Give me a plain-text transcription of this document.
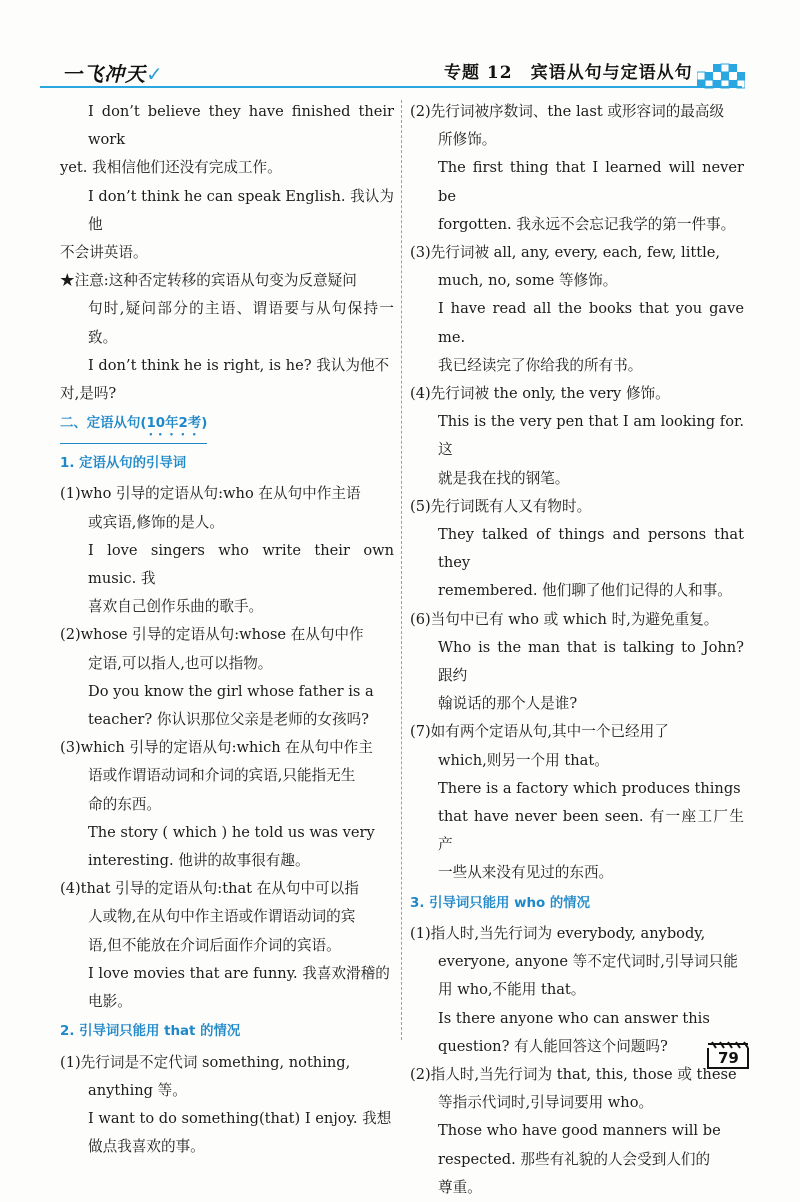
一飞冲天✓	专题 12　宾语从句与定语从句

I don’t believe they have finished their work

yet. 我相信他们还没有完成工作。

I don’t think he can speak English. 我认为他

不会讲英语。

★注意:这种否定转移的宾语从句变为反意疑问

句时,疑问部分的主语、谓语要与从句保持一致。

I don’t think he is right, is he? 我认为他不

对,是吗?

二、定语从句(10年2考)
1. 定语从句的引导词

(1)who 引导的定语从句:who 在从句中作主语

或宾语,修饰的是人。

I love singers who write their own music. 我

喜欢自己创作乐曲的歌手。

(2)whose 引导的定语从句:whose 在从句中作

定语,可以指人,也可以指物。

Do you know the girl whose father is a

teacher? 你认识那位父亲是老师的女孩吗?

(3)which 引导的定语从句:which 在从句中作主

语或作谓语动词和介词的宾语,只能指无生

命的东西。

The story ( which ) he told us was very

interesting. 他讲的故事很有趣。

(4)that 引导的定语从句:that 在从句中可以指

人或物,在从句中作主语或作谓语动词的宾

语,但不能放在介词后面作介词的宾语。

I love movies that are funny. 我喜欢滑稽的

电影。

2. 引导词只能用 that 的情况

(1)先行词是不定代词 something, nothing,

anything 等。

I want to do something(that) I enjoy. 我想

做点我喜欢的事。

(2)先行词被序数词、the last 或形容词的最高级

所修饰。

The first thing that I learned will never be

forgotten. 我永远不会忘记我学的第一件事。

(3)先行词被 all, any, every, each, few, little,

much, no, some 等修饰。

I have read all the books that you gave me.

我已经读完了你给我的所有书。

(4)先行词被 the only, the very 修饰。

This is the very pen that I am looking for. 这

就是我在找的钢笔。

(5)先行词既有人又有物时。

They talked of things and persons that they

remembered. 他们聊了他们记得的人和事。

(6)当句中已有 who 或 which 时,为避免重复。

Who is the man that is talking to John? 跟约

翰说话的那个人是谁?

(7)如有两个定语从句,其中一个已经用了

which,则另一个用 that。

There is a factory which produces things

that have never been seen. 有一座工厂生产

一些从来没有见过的东西。

3. 引导词只能用 who 的情况

(1)指人时,当先行词为 everybody, anybody,

everyone, anyone 等不定代词时,引导词只能

用 who,不能用 that。

Is there anyone who can answer this

question? 有人能回答这个问题吗?

(2)指人时,当先行词为 that, this, those 或 these

等指示代词时,引导词要用 who。

Those who have good manners will be

respected. 那些有礼貌的人会受到人们的

尊重。

79
